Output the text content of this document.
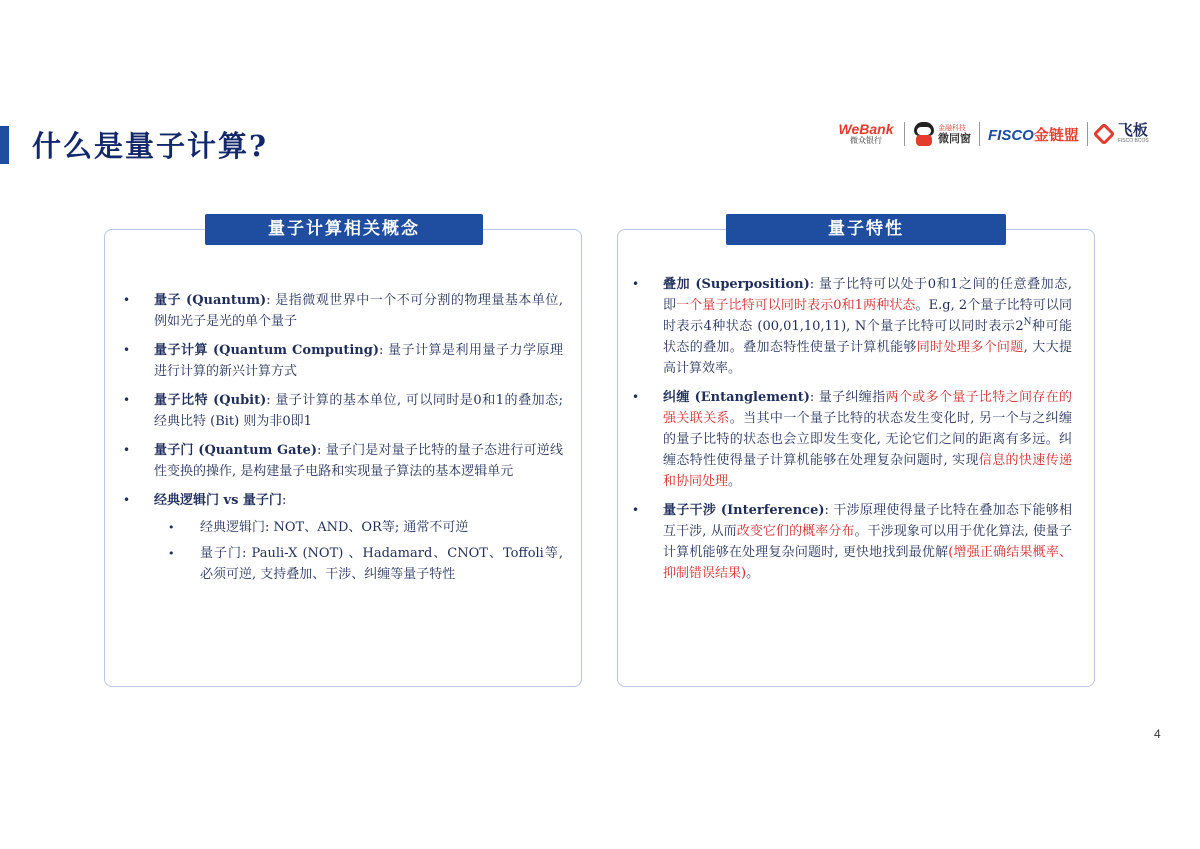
什么是量子计算?	WeBank
微众银行
金融科技
微同窗 FISCO金链盟	飞板
FISCO BCOS
量子计算相关概念
• 量子 (Quantum): 是指微观世界中一个不可分割的物理量基本单位, 例如光子是光的单个量子
• 量子计算 (Quantum Computing): 量子计算是利用量子力学原理进行计算的新兴计算方式
• 量子比特 (Qubit): 量子计算的基本单位, 可以同时是0和1的叠加态; 经典比特 (Bit) 则为非0即1
• 量子门 (Quantum Gate): 量子门是对量子比特的量子态进行可逆线性变换的操作, 是构建量子电路和实现量子算法的基本逻辑单元
• 经典逻辑门 vs 量子门:
• 经典逻辑门: NOT、AND、OR等; 通常不可逆
• 量子门: Pauli-X (NOT) 、Hadamard、CNOT、Toffoli等, 必须可逆, 支持叠加、干涉、纠缠等量子特性
量子特性
• 叠加 (Superposition): 量子比特可以处于0和1之间的任意叠加态, 即一个量子比特可以同时表示0和1两种状态。E.g, 2个量子比特可以同时表示4种状态 (00,01,10,11), N个量子比特可以同时表示$2^N$种可能状态的叠加。叠加态特性使量子计算机能够同时处理多个问题, 大大提高计算效率。
• 纠缠 (Entanglement): 量子纠缠指两个或多个量子比特之间存在的强关联关系。当其中一个量子比特的状态发生变化时, 另一个与之纠缠的量子比特的状态也会立即发生变化, 无论它们之间的距离有多远。纠缠态特性使得量子计算机能够在处理复杂问题时, 实现信息的快速传递和协同处理。
• 量子干涉 (Interference): 干涉原理使得量子比特在叠加态下能够相互干涉, 从而改变它们的概率分布。干涉现象可以用于优化算法, 使量子计算机能够在处理复杂问题时, 更快地找到最优解(增强正确结果概率、抑制错误结果)。
4
